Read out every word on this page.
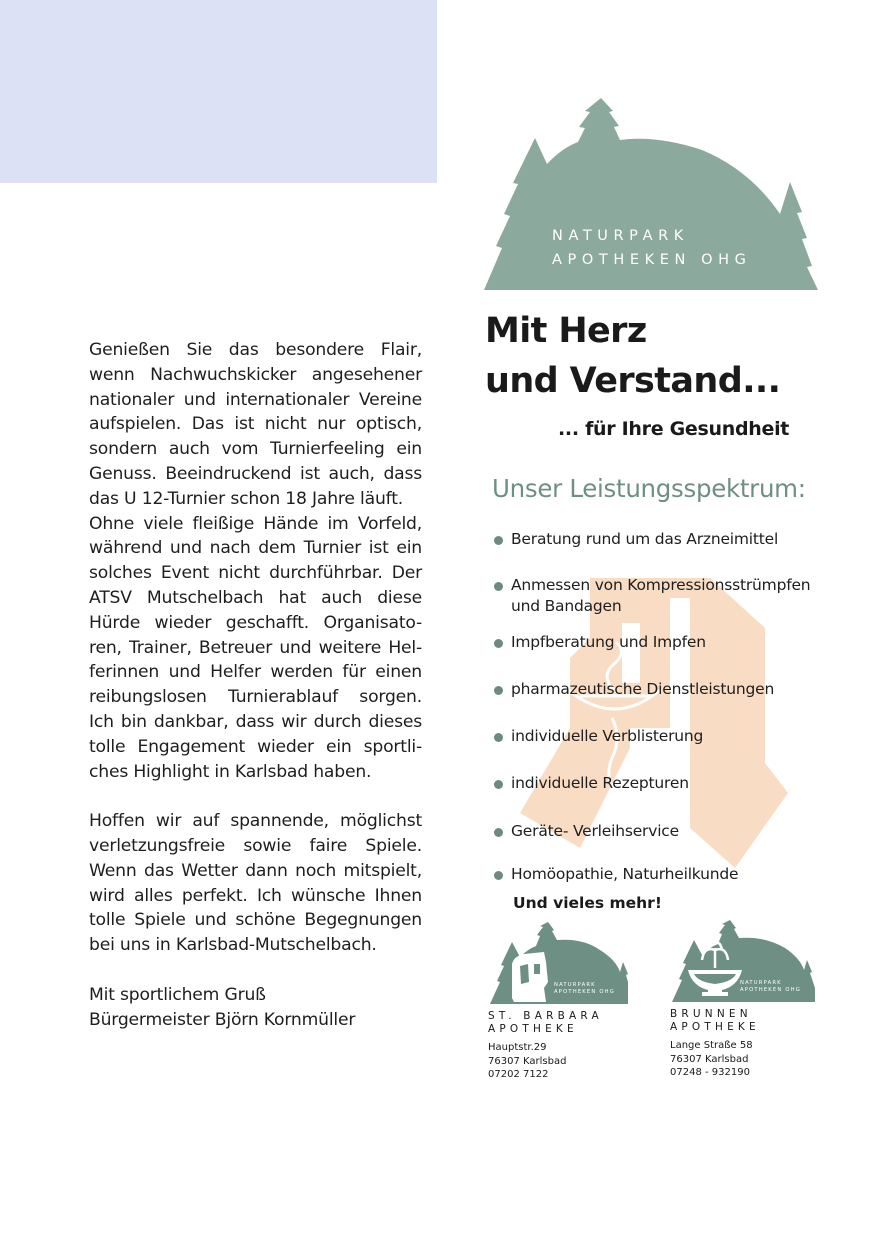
Genießen Sie das besondere Flair,
wenn Nachwuchskicker angesehener
nationaler und internationaler Vereine
aufspielen. Das ist nicht nur optisch,
sondern auch vom Turnierfeeling ein
Genuss. Beeindruckend ist auch, dass
das U 12-Turnier schon 18 Jahre läuft.
Ohne viele fleißige Hände im Vorfeld,
während und nach dem Turnier ist ein
solches Event nicht durchführbar. Der
ATSV Mutschelbach hat auch diese
Hürde wieder geschafft. Organisato-
ren, Trainer, Betreuer und weitere Hel-
ferinnen und Helfer werden für einen
reibungslosen Turnierablauf sorgen.
Ich bin dankbar, dass wir durch dieses
tolle Engagement wieder ein sportli-
ches Highlight in Karlsbad haben.

Hoffen wir auf spannende, möglichst
verletzungsfreie sowie faire Spiele.
Wenn das Wetter dann noch mitspielt,
wird alles perfekt. Ich wünsche Ihnen
tolle Spiele und schöne Begegnungen
bei uns in Karlsbad-Mutschelbach.

Mit sportlichem Gruß
Bürgermeister Björn Kornmüller

NATURPARK
APOTHEKEN OHG
Mit Herz
und Verstand...
... für Ihre Gesundheit
Unser Leistungsspektrum:
Beratung rund um das Arzneimittel
Anmessen von Kompressionsstrümpfen
und Bandagen
Impfberatung und Impfen
pharmazeutische Dienstleistungen
individuelle Verblisterung
individuelle Rezepturen
Geräte- Verleihservice
Homöopathie, Naturheilkunde
Und vieles mehr!
NATURPARK
APOTHEKEN OHG
ST. BARBARA
APOTHEKE
Hauptstr.29
76307 Karlsbad
07202 7122
NATURPARK
APOTHEKEN OHG
BRUNNEN
APOTHEKE
Lange Straße 58
76307 Karlsbad
07248 - 932190
